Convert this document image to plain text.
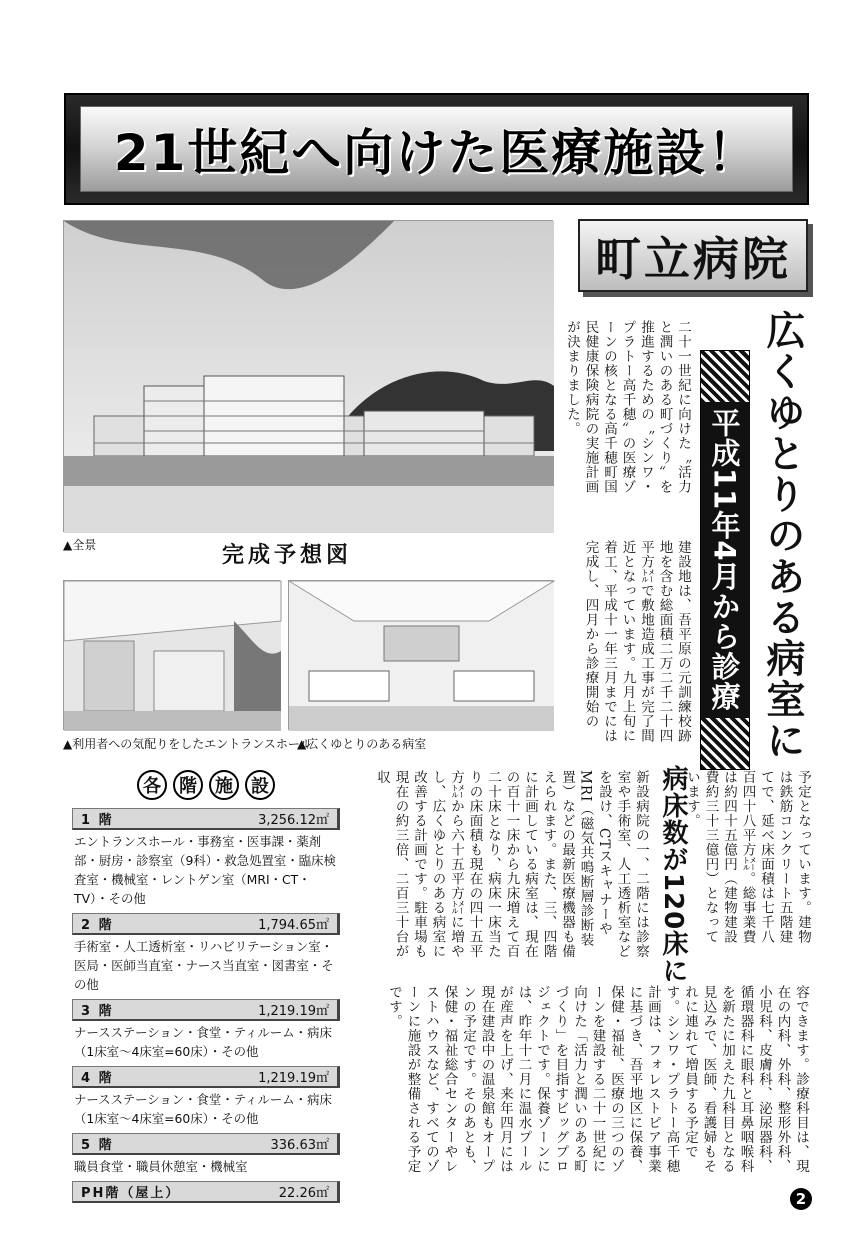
21世紀へ向けた医療施設！
町立病院
▲全景	完成予想図
▲利用者への気配りをしたエントランスホール
▲広くゆとりのある病室	広くゆとりのある病室に
平成11年4月から診療
二十一世紀に向けた〝活力と潤いのある町づくり〟を推進するための〝シンワ・プラトー高千穂〟の医療ゾーンの核となる高千穂町国民健康保険病院の実施計画が決まりました。
建設地は、吾平原の元訓練校跡地を含む総面積二万二千二十四平方㍍で敷地造成工事が完了間近となっています。九月上旬に着工、平成十一年三月までには完成し、四月から診療開始の
予定となっています。建物は鉄筋コンクリート五階建てで、延べ床面積は七千八百四十八平方㍍。総事業費は約四十五億円（建物建設費約三十三億円）となっています。
病床数が120床に
新設病院の一、二階には診察室や手術室、人工透析室などを設け、CTスキャナーやMRI（磁気共鳴断層診断装置）などの最新医療機器も備えられます。また、三、四階に計画している病室は、現在の百十一床から九床増えて百二十床となり、病床一床当たりの床面積も現在の四十五平方㍍から六十五平方㍍に増やし、広くゆとりのある病室に改善する計画です。駐車場も現在の約三倍、二百三十台が収
容できます。診療科目は、現在の内科、外科、整形外科、小児科、皮膚科、泌尿器科、循環器科に眼科と耳鼻咽喉科を新たに加えた九科目となる見込みで、医師、看護婦もそれに連れて増員する予定です。シンワ・プラトー高千穂計画は、フォレストピア事業に基づき、吾平地区に保養、保健・福祉、医療の三つのゾーンを建設する二十一世紀に向けた「活力と潤いのある町づくり」を目指すビッグプロジェクトです。保養ゾーンには、昨年十二月に温水プールが産声を上げ、来年四月には現在建設中の温泉館もオープンの予定です。そのあとも、保健・福祉総合センターやレストハウスなど、すべてのゾーンに施設が整備される予定です。
各	階	施	設
1 階	3,256.12㎡
エントランスホール・事務室・医事課・薬剤部・厨房・診察室（9科）・救急処置室・臨床検査室・機械室・レントゲン室（MRI・CT・TV）・その他
2 階	1,794.65㎡
手術室・人工透析室・リハビリテーション室・医局・医師当直室・ナース当直室・図書室・その他
3 階	1,219.19㎡
ナースステーション・食堂・ティルーム・病床（1床室〜4床室=60床）・その他
4 階	1,219.19㎡
ナースステーション・食堂・ティルーム・病床（1床室〜4床室=60床）・その他
5 階	336.63㎡
職員食堂・職員休憩室・機械室
PH階（屋上）	22.26㎡	2
